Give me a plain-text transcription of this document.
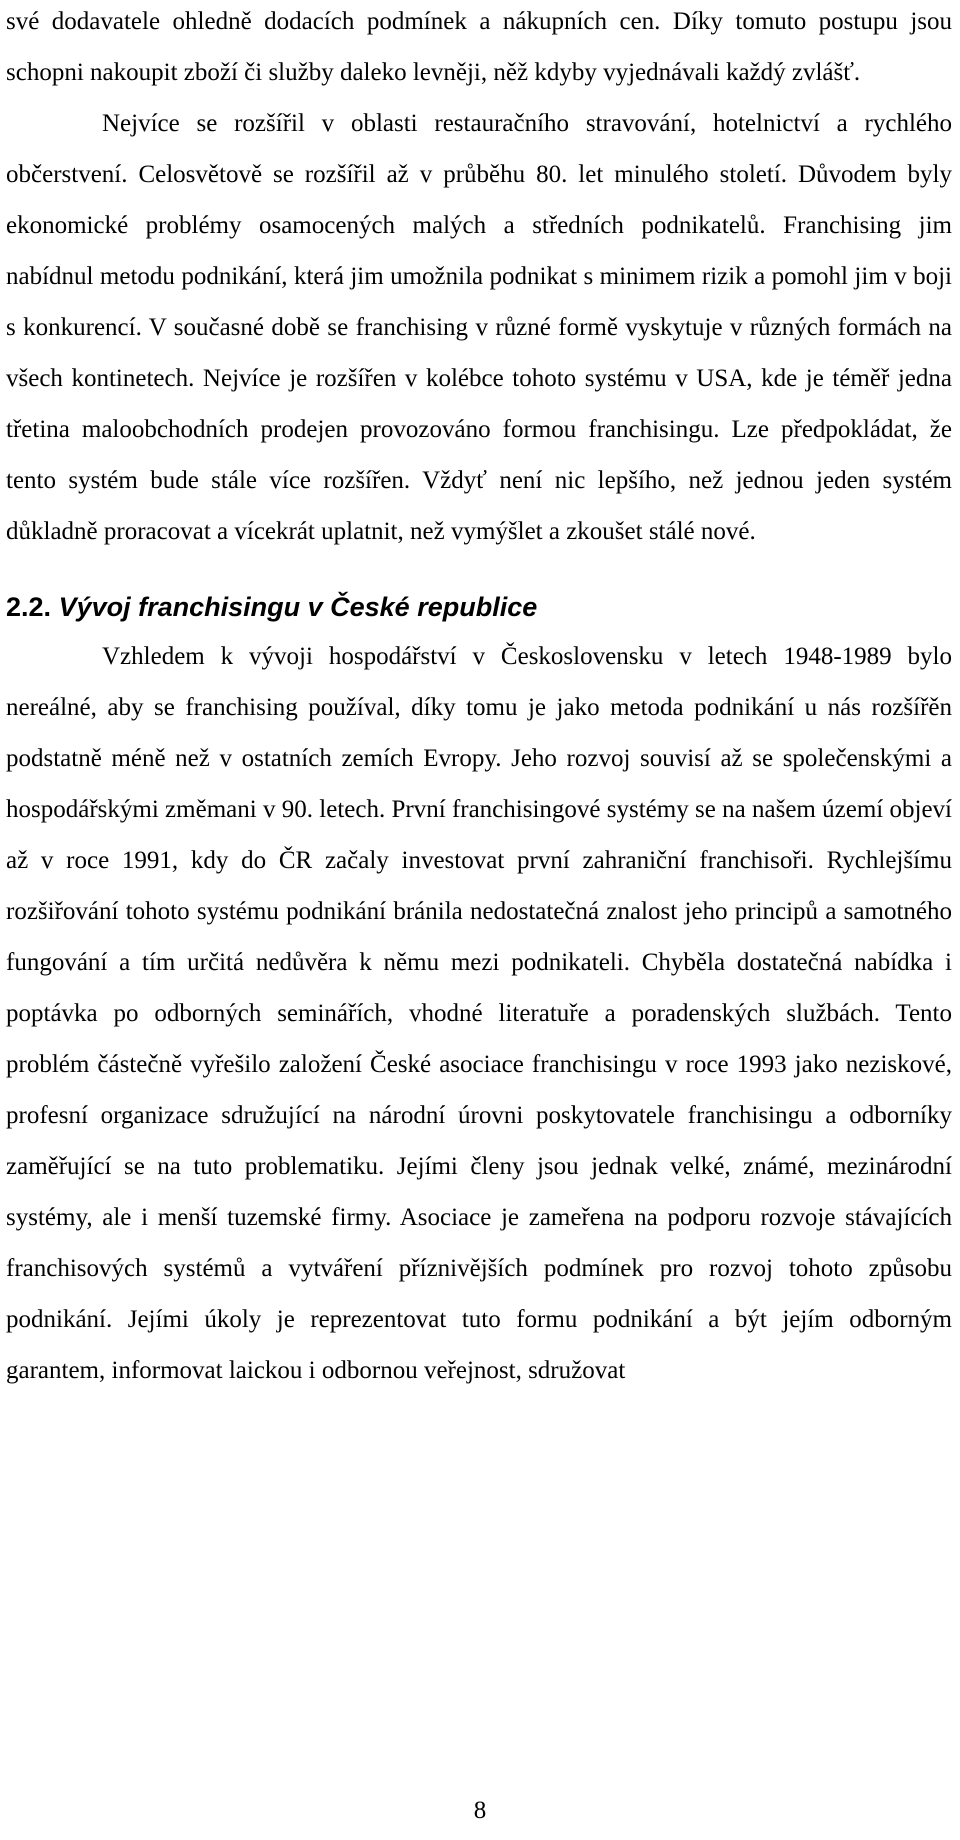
své dodavatele ohledně dodacích podmínek a nákupních cen. Díky tomuto postupu jsou schopni nakoupit zboží či služby daleko levněji, něž kdyby vyjednávali každý zvlášť.

Nejvíce se rozšířil v oblasti restauračního stravování, hotelnictví a rychlého občerstvení. Celosvětově se rozšířil až v průběhu 80. let minulého století. Důvodem byly ekonomické problémy osamocených malých a středních podnikatelů. Franchising jim nabídnul metodu podnikání, která jim umožnila podnikat s minimem rizik a pomohl jim v boji s konkurencí. V současné době se franchising v různé formě vyskytuje v různých formách na všech kontinetech. Nejvíce je rozšířen v kolébce tohoto systému v USA, kde je téměř jedna třetina maloobchodních prodejen provozováno formou franchisingu. Lze předpokládat, že tento systém bude stále více rozšířen. Vždyť není nic lepšího, než jednou jeden systém důkladně proracovat a vícekrát uplatnit, než vymýšlet a zkoušet stálé nové.

2.2. Vývoj franchisingu v České republice

Vzhledem k vývoji hospodářství v Československu v letech 1948-1989 bylo nereálné, aby se franchising používal, díky tomu je jako metoda podnikání u nás rozšířěn podstatně méně než v ostatních zemích Evropy. Jeho rozvoj souvisí až se společenskými a hospodářskými změmani v 90. letech. První franchisingové systémy se na našem území objeví až v roce 1991, kdy do ČR začaly investovat první zahraniční franchisoři. Rychlejšímu rozšiřování tohoto systému podnikání bránila nedostatečná znalost jeho principů a samotného fungování a tím určitá nedůvěra k němu mezi podnikateli. Chyběla dostatečná nabídka i poptávka po odborných seminářích, vhodné literatuře a poradenských službách. Tento problém částečně vyřešilo založení České asociace franchisingu v roce 1993 jako neziskové, profesní organizace sdružující na národní úrovni poskytovatele franchisingu a odborníky zaměřující se na tuto problematiku. Jejími členy jsou jednak velké, známé, mezinárodní systémy, ale i menší tuzemské firmy. Asociace je zameřena na podporu rozvoje stávajících franchisových systémů a vytváření příznivějších podmínek pro rozvoj tohoto způsobu podnikání. Jejími úkoly je reprezentovat tuto formu podnikání a být jejím odborným garantem, informovat laickou i odbornou veřejnost, sdružovat

8
